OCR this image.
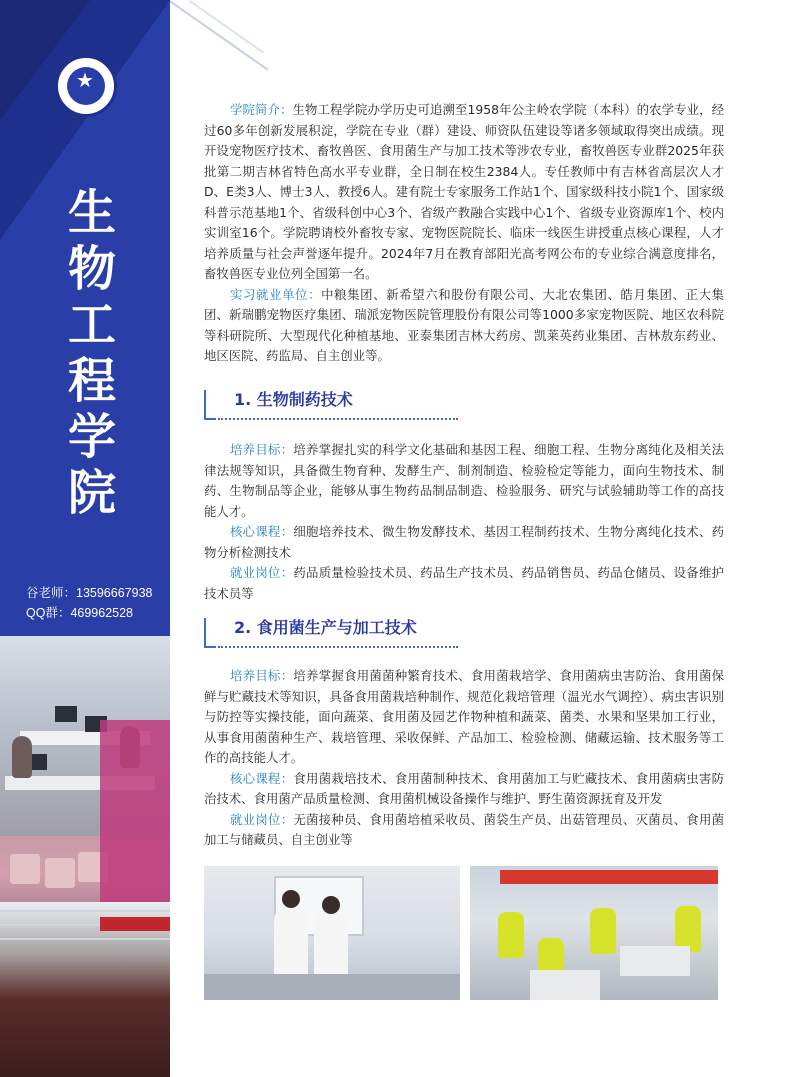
★
生
物
工
程
学
院
谷老师：13596667938
QQ群：469962528

学院简介：生物工程学院办学历史可追溯至1958年公主岭农学院（本科）的农学专业，经过60多年创新发展积淀，学院在专业（群）建设、师资队伍建设等诸多领域取得突出成绩。现开设宠物医疗技术、畜牧兽医、食用菌生产与加工技术等涉农专业，畜牧兽医专业群2025年获批第二期吉林省特色高水平专业群，全日制在校生2384人。专任教师中有吉林省高层次人才D、E类3人、博士3人、教授6人。建有院士专家服务工作站1个、国家级科技小院1个、国家级科普示范基地1个、省级科创中心3个、省级产教融合实践中心1个、省级专业资源库1个、校内实训室16个。学院聘请校外畜牧专家、宠物医院院长、临床一线医生讲授重点核心课程，人才培养质量与社会声誉逐年提升。2024年7月在教育部阳光高考网公布的专业综合满意度排名，畜牧兽医专业位列全国第一名。

实习就业单位：中粮集团、新希望六和股份有限公司、大北农集团、皓月集团、正大集团、新瑞鹏宠物医疗集团、瑞派宠物医院管理股份有限公司等1000多家宠物医院、地区农科院等科研院所、大型现代化种植基地、亚泰集团吉林大药房、凯莱英药业集团、吉林敖东药业、地区医院、药监局、自主创业等。

1. 生物制药技术

培养目标：培养掌握扎实的科学文化基础和基因工程、细胞工程、生物分离纯化及相关法律法规等知识，具备微生物育种、发酵生产、制剂制造、检验检定等能力，面向生物技术、制药、生物制品等企业，能够从事生物药品制品制造、检验服务、研究与试验辅助等工作的高技能人才。

核心课程：细胞培养技术、微生物发酵技术、基因工程制药技术、生物分离纯化技术、药物分析检测技术

就业岗位：药品质量检验技术员、药品生产技术员、药品销售员、药品仓储员、设备维护技术员等

2. 食用菌生产与加工技术

培养目标：培养掌握食用菌菌种繁育技术、食用菌栽培学、食用菌病虫害防治、食用菌保鲜与贮藏技术等知识，具备食用菌栽培种制作、规范化栽培管理（温光水气调控）、病虫害识别与防控等实操技能，面向蔬菜、食用菌及园艺作物种植和蔬菜、菌类、水果和坚果加工行业，从事食用菌菌种生产、栽培管理、采收保鲜、产品加工、检验检测、储藏运输、技术服务等工作的高技能人才。

核心课程：食用菌栽培技术、食用菌制种技术、食用菌加工与贮藏技术、食用菌病虫害防治技术、食用菌产品质量检测、食用菌机械设备操作与维护、野生菌资源抚育及开发

就业岗位：无菌接种员、食用菌培植采收员、菌袋生产员、出菇管理员、灭菌员、食用菌加工与储藏员、自主创业等
